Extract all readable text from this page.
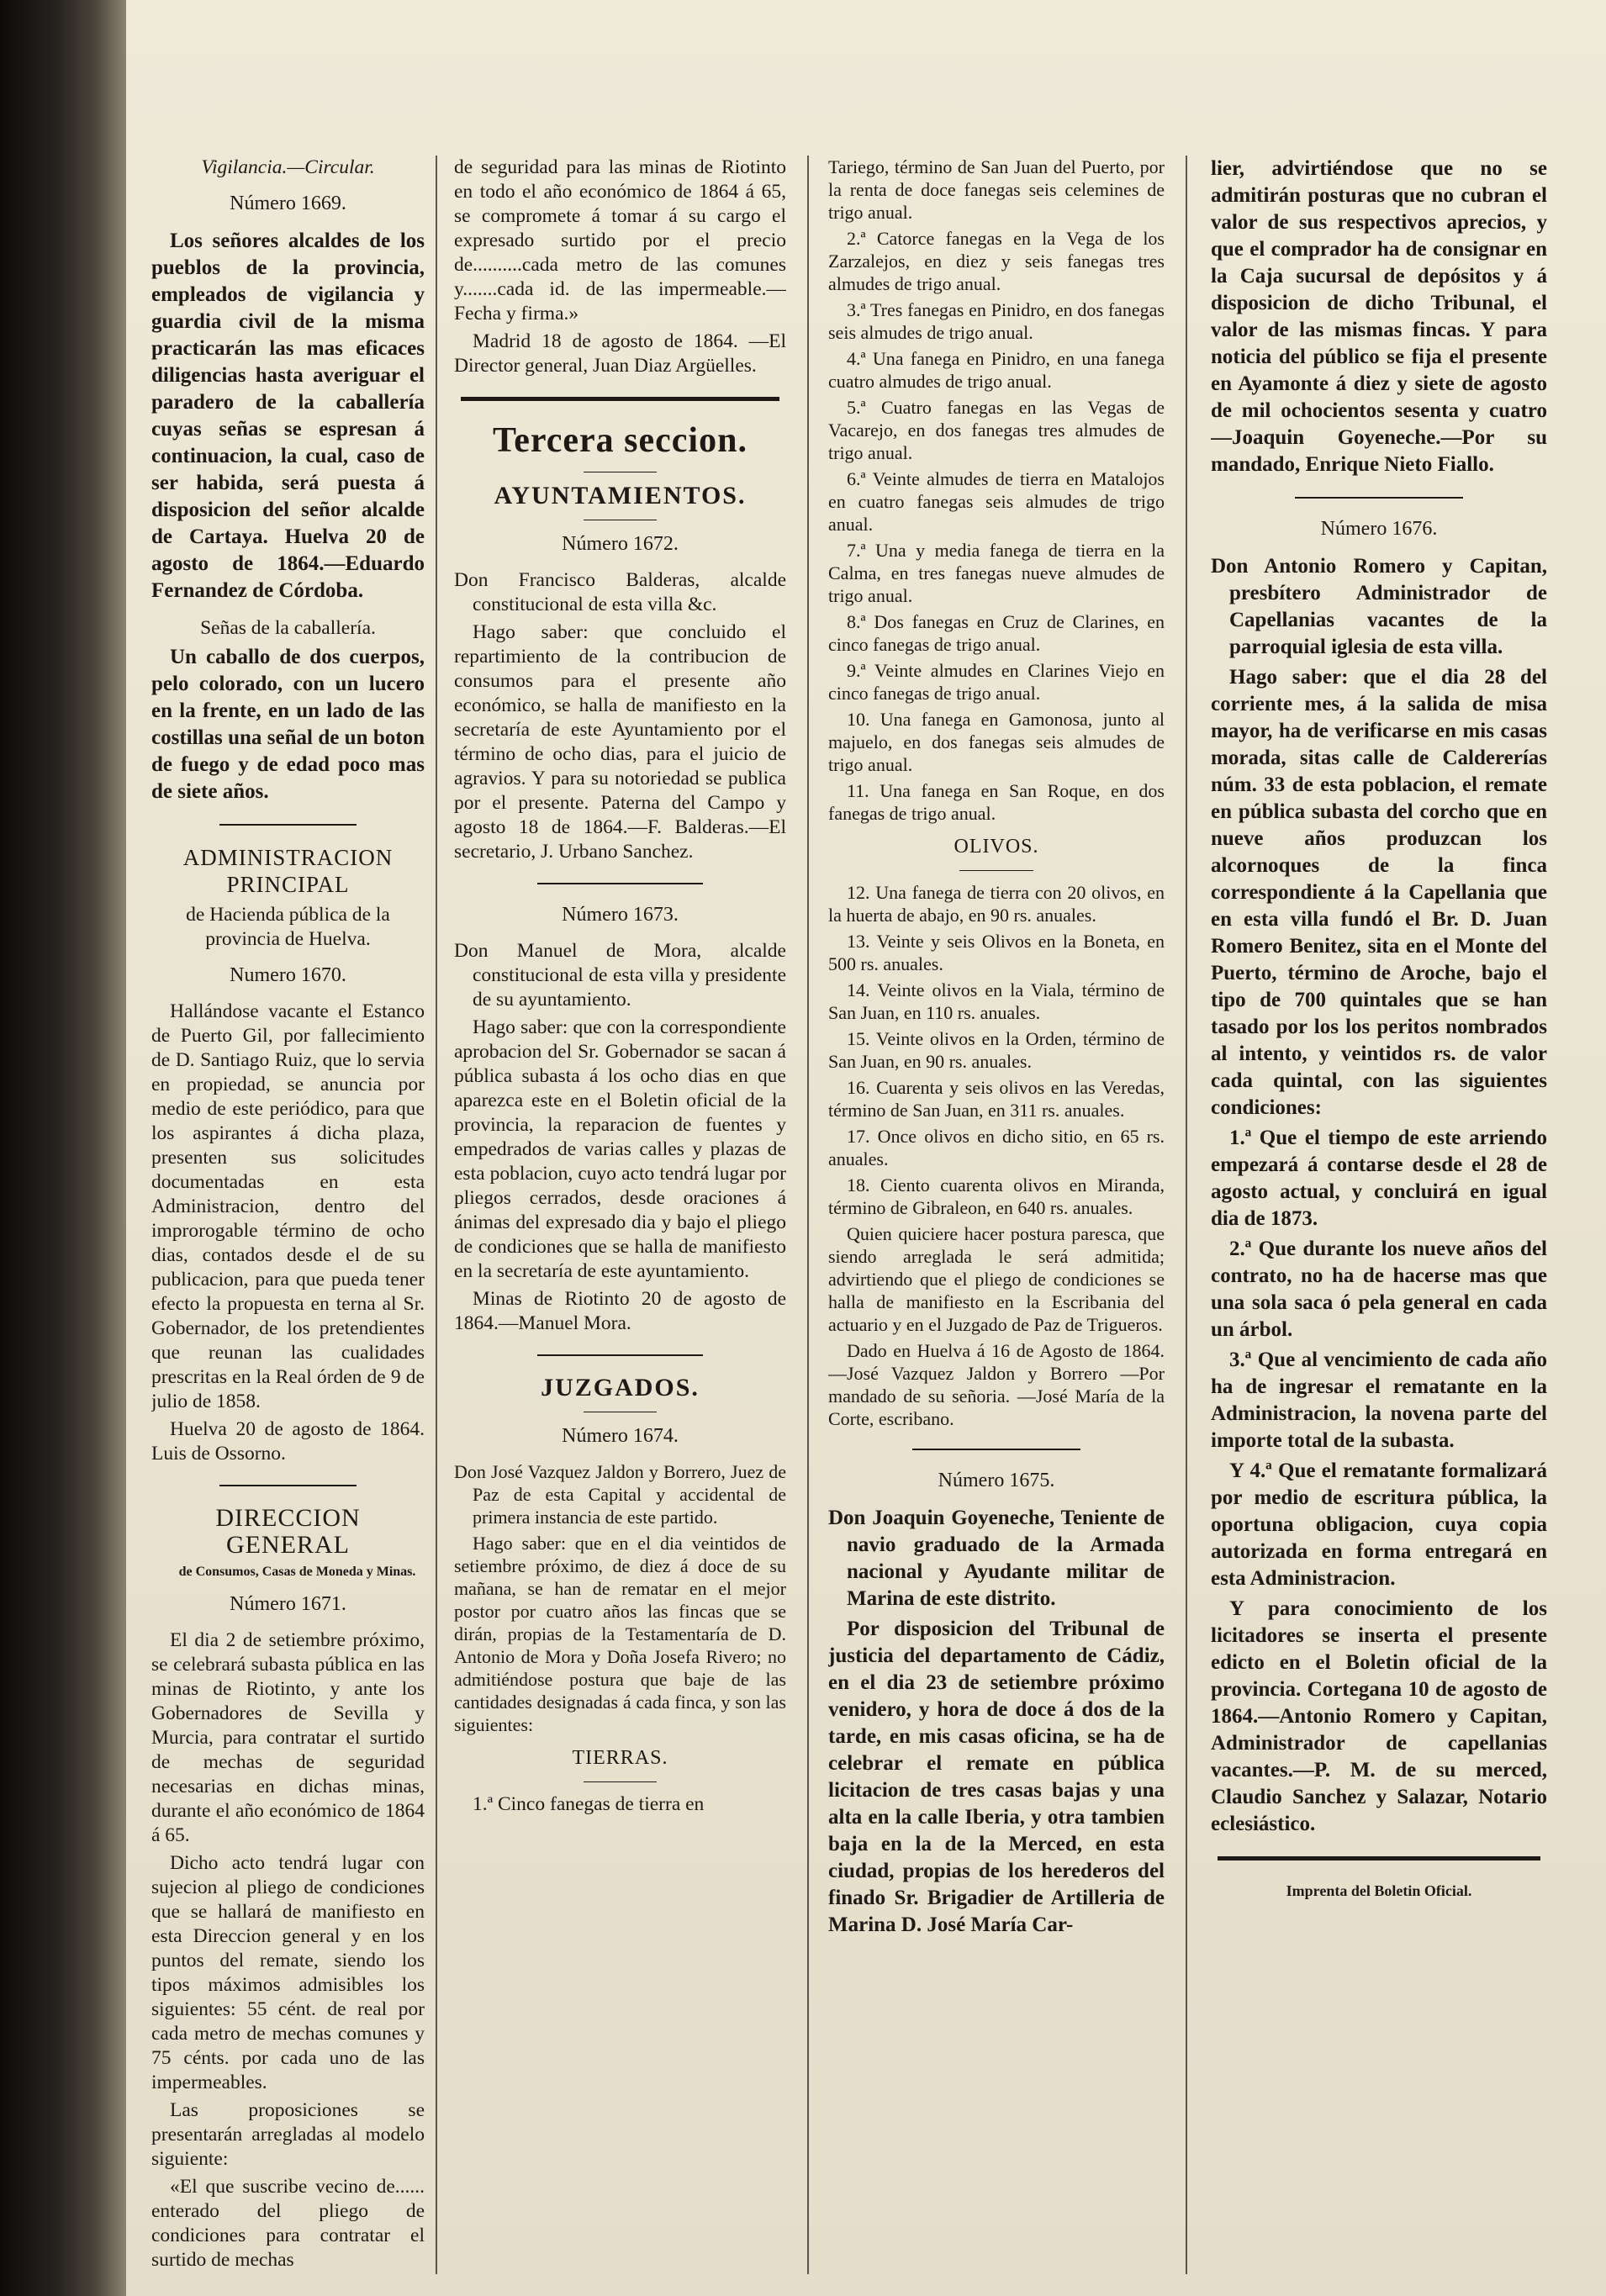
Vigilancia.—Circular.

Número 1669.

Los señores alcaldes de los pueblos de la provincia, empleados de vigilancia y guardia civil de la misma practicarán las mas eficaces diligencias hasta averiguar el paradero de la caballería cuyas señas se espresan á continuacion, la cual, caso de ser habida, será puesta á disposicion del señor alcalde de Cartaya. Huelva 20 de agosto de 1864.—Eduardo Fernandez de Córdoba.

Señas de la caballería.

Un caballo de dos cuerpos, pelo colorado, con un lucero en la frente, en un lado de las costillas una señal de un boton de fuego y de edad poco mas de siete años.

ADMINISTRACION PRINCIPAL

de Hacienda pública de la provincia de Huelva.

Numero 1670.

Hallándose vacante el Estanco de Puerto Gil, por fallecimiento de D. Santiago Ruiz, que lo servia en propiedad, se anuncia por medio de este periódico, para que los aspirantes á dicha plaza, presenten sus solicitudes documentadas en esta Administracion, dentro del improrogable término de ocho dias, contados desde el de su publicacion, para que pueda tener efecto la propuesta en terna al Sr. Gobernador, de los pretendientes que reunan las cualidades prescritas en la Real órden de 9 de julio de 1858.

Huelva 20 de agosto de 1864. Luis de Ossorno.

DIRECCION GENERAL

de Consumos, Casas de Moneda y Minas.

Número 1671.

El dia 2 de setiembre próximo, se celebrará subasta pública en las minas de Riotinto, y ante los Gobernadores de Sevilla y Murcia, para contratar el surtido de mechas de seguridad necesarias en dichas minas, durante el año económico de 1864 á 65.

Dicho acto tendrá lugar con sujecion al pliego de condiciones que se hallará de manifiesto en esta Direccion general y en los puntos del remate, siendo los tipos máximos admisibles los siguientes: 55 cént. de real por cada metro de mechas comunes y 75 cénts. por cada uno de las impermeables.

Las proposiciones se presentarán arregladas al modelo siguiente:

«El que suscribe vecino de...... enterado del pliego de condiciones para contratar el surtido de mechas

de seguridad para las minas de Riotinto en todo el año económico de 1864 á 65, se compromete á tomar á su cargo el expresado surtido por el precio de..........cada metro de las comunes y.......cada id. de las impermeable.—Fecha y firma.»

Madrid 18 de agosto de 1864. —El Director general, Juan Diaz Argüelles.

Tercera seccion.

AYUNTAMIENTOS.

Número 1672.

Don Francisco Balderas, alcalde constitucional de esta villa &c.

Hago saber: que concluido el repartimiento de la contribucion de consumos para el presente año económico, se halla de manifiesto en la secretaría de este Ayuntamiento por el término de ocho dias, para el juicio de agravios. Y para su notoriedad se publica por el presente. Paterna del Campo y agosto 18 de 1864.—F. Balderas.—El secretario, J. Urbano Sanchez.

Número 1673.

Don Manuel de Mora, alcalde constitucional de esta villa y presidente de su ayuntamiento.

Hago saber: que con la correspondiente aprobacion del Sr. Gobernador se sacan á pública subasta á los ocho dias en que aparezca este en el Boletin oficial de la provincia, la reparacion de fuentes y empedrados de varias calles y plazas de esta poblacion, cuyo acto tendrá lugar por pliegos cerrados, desde oraciones á ánimas del expresado dia y bajo el pliego de condiciones que se halla de manifiesto en la secretaría de este ayuntamiento.

Minas de Riotinto 20 de agosto de 1864.—Manuel Mora.

JUZGADOS.

Número 1674.

Don José Vazquez Jaldon y Borrero, Juez de Paz de esta Capital y accidental de primera instancia de este partido.

Hago saber: que en el dia veintidos de setiembre próximo, de diez á doce de su mañana, se han de rematar en el mejor postor por cuatro años las fincas que se dirán, propias de la Testamentaría de D. Antonio de Mora y Doña Josefa Rivero; no admitiéndose postura que baje de las cantidades designadas á cada finca, y son las siguientes:

TIERRAS.

1.ª Cinco fanegas de tierra en

Tariego, término de San Juan del Puerto, por la renta de doce fanegas seis celemines de trigo anual.

2.ª Catorce fanegas en la Vega de los Zarzalejos, en diez y seis fanegas tres almudes de trigo anual.

3.ª Tres fanegas en Pinidro, en dos fanegas seis almudes de trigo anual.

4.ª Una fanega en Pinidro, en una fanega cuatro almudes de trigo anual.

5.ª Cuatro fanegas en las Vegas de Vacarejo, en dos fanegas tres almudes de trigo anual.

6.ª Veinte almudes de tierra en Matalojos en cuatro fanegas seis almudes de trigo anual.

7.ª Una y media fanega de tierra en la Calma, en tres fanegas nueve almudes de trigo anual.

8.ª Dos fanegas en Cruz de Clarines, en cinco fanegas de trigo anual.

9.ª Veinte almudes en Clarines Viejo en cinco fanegas de trigo anual.

10. Una fanega en Gamonosa, junto al majuelo, en dos fanegas seis almudes de trigo anual.

11. Una fanega en San Roque, en dos fanegas de trigo anual.

OLIVOS.

12. Una fanega de tierra con 20 olivos, en la huerta de abajo, en 90 rs. anuales.

13. Veinte y seis Olivos en la Boneta, en 500 rs. anuales.

14. Veinte olivos en la Viala, término de San Juan, en 110 rs. anuales.

15. Veinte olivos en la Orden, término de San Juan, en 90 rs. anuales.

16. Cuarenta y seis olivos en las Veredas, término de San Juan, en 311 rs. anuales.

17. Once olivos en dicho sitio, en 65 rs. anuales.

18. Ciento cuarenta olivos en Miranda, término de Gibraleon, en 640 rs. anuales.

Quien quiciere hacer postura paresca, que siendo arreglada le será admitida; advirtiendo que el pliego de condiciones se halla de manifiesto en la Escribania del actuario y en el Juzgado de Paz de Trigueros.

Dado en Huelva á 16 de Agosto de 1864.—José Vazquez Jaldon y Borrero —Por mandado de su señoria. —José María de la Corte, escribano.

Número 1675.

Don Joaquin Goyeneche, Teniente de navio graduado de la Armada nacional y Ayudante militar de Marina de este distrito.

Por disposicion del Tribunal de justicia del departamento de Cádiz, en el dia 23 de setiembre próximo venidero, y hora de doce á dos de la tarde, en mis casas oficina, se ha de celebrar el remate en pública licitacion de tres casas bajas y una alta en la calle Iberia, y otra tambien baja en la de la Merced, en esta ciudad, propias de los herederos del finado Sr. Brigadier de Artilleria de Marina D. José María Car-

lier, advirtiéndose que no se admitirán posturas que no cubran el valor de sus respectivos aprecios, y que el comprador ha de consignar en la Caja sucursal de depósitos y á disposicion de dicho Tribunal, el valor de las mismas fincas. Y para noticia del público se fija el presente en Ayamonte á diez y siete de agosto de mil ochocientos sesenta y cuatro —Joaquin Goyeneche.—Por su mandado, Enrique Nieto Fiallo.

Número 1676.

Don Antonio Romero y Capitan, presbítero Administrador de Capellanias vacantes de la parroquial iglesia de esta villa.

Hago saber: que el dia 28 del corriente mes, á la salida de misa mayor, ha de verificarse en mis casas morada, sitas calle de Caldererías núm. 33 de esta poblacion, el remate en pública subasta del corcho que en nueve años produzcan los alcornoques de la finca correspondiente á la Capellania que en esta villa fundó el Br. D. Juan Romero Benitez, sita en el Monte del Puerto, término de Aroche, bajo el tipo de 700 quintales que se han tasado por los los peritos nombrados al intento, y veintidos rs. de valor cada quintal, con las siguientes condiciones:

1.ª Que el tiempo de este arriendo empezará á contarse desde el 28 de agosto actual, y concluirá en igual dia de 1873.

2.ª Que durante los nueve años del contrato, no ha de hacerse mas que una sola saca ó pela general en cada un árbol.

3.ª Que al vencimiento de cada año ha de ingresar el rematante en la Administracion, la novena parte del importe total de la subasta.

Y 4.ª Que el rematante formalizará por medio de escritura pública, la oportuna obligacion, cuya copia autorizada en forma entregará en esta Administracion.

Y para conocimiento de los licitadores se inserta el presente edicto en el Boletin oficial de la provincia. Cortegana 10 de agosto de 1864.—Antonio Romero y Capitan, Administrador de capellanias vacantes.—P. M. de su merced, Claudio Sanchez y Salazar, Notario eclesiástico.

Imprenta del Boletin Oficial.
